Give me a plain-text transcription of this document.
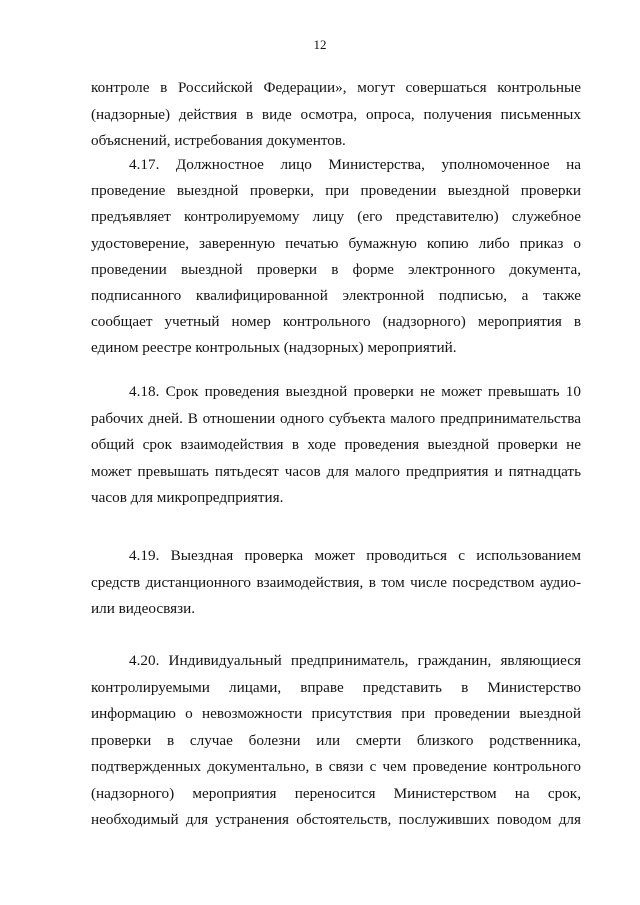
12
контроле в Российской Федерации», могут совершаться контрольные
(надзорные) действия в виде осмотра, опроса, получения письменных
объяснений, истребования документов.
4.17. Должностное лицо Министерства, уполномоченное на
проведение выездной проверки, при проведении выездной проверки
предъявляет контролируемому лицу (его представителю) служебное
удостоверение, заверенную печатью бумажную копию либо приказ о
проведении выездной проверки в форме электронного документа,
подписанного квалифицированной электронной подписью, а также
сообщает учетный номер контрольного (надзорного) мероприятия в
едином реестре контрольных (надзорных) мероприятий.
4.18. Срок проведения выездной проверки не может превышать 10
рабочих дней. В отношении одного субъекта малого предпринимательства
общий срок взаимодействия в ходе проведения выездной проверки не
может превышать пятьдесят часов для малого предприятия и пятнадцать
часов для микропредприятия.
4.19. Выездная проверка может проводиться с использованием
средств дистанционного взаимодействия, в том числе посредством аудио-
или видеосвязи.
4.20. Индивидуальный предприниматель, гражданин, являющиеся
контролируемыми лицами, вправе представить в Министерство
информацию о невозможности присутствия при проведении выездной
проверки в случае болезни или смерти близкого родственника,
подтвержденных документально, в связи с чем проведение контрольного
(надзорного) мероприятия переносится Министерством на срок,
необходимый для устранения обстоятельств, послуживших поводом для
